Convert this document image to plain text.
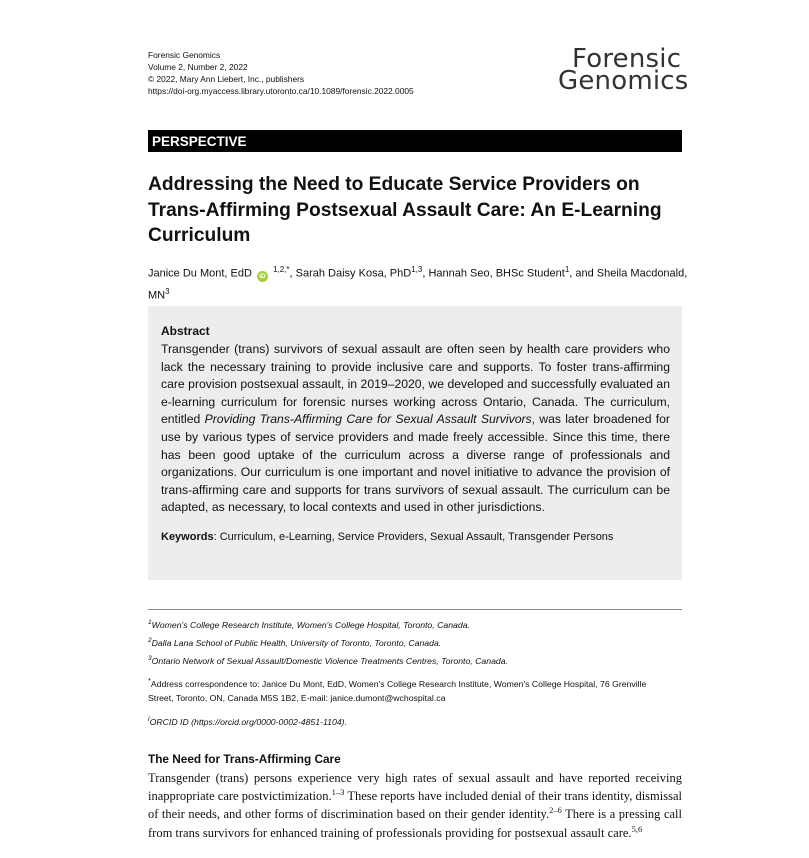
Forensic Genomics
Volume 2, Number 2, 2022
© 2022, Mary Ann Liebert, Inc., publishers
https://doi-org.myaccess.library.utoronto.ca/10.1089/forensic.2022.0005
Forensic
Genomics
PERSPECTIVE
Addressing the Need to Educate Service Providers on Trans-Affirming Postsexual Assault Care: An E-Learning Curriculum
Janice Du Mont, EdD iD $^{1,2,*}$, Sarah Daisy Kosa, PhD$^{1,3}$, Hannah Seo, BHSc Student$^1$, and Sheila Macdonald, $MN^3$
Abstract
Transgender (trans) survivors of sexual assault are often seen by health care providers who lack the necessary training to provide inclusive care and supports. To foster trans-affirming care provision postsexual assault, in 2019–2020, we developed and successfully evaluated an e-learning curriculum for forensic nurses working across Ontario, Canada. The curriculum, entitled Providing Trans-Affirming Care for Sexual Assault Survivors, was later broadened for use by various types of service providers and made freely accessible. Since this time, there has been good uptake of the curriculum across a diverse range of professionals and organizations. Our curriculum is one important and novel initiative to advance the provision of trans-affirming care and supports for trans survivors of sexual assault. The curriculum can be adapted, as necessary, to local contexts and used in other jurisdictions.
Keywords: Curriculum, e-Learning, Service Providers, Sexual Assault, Transgender Persons
$^1$Women's College Research Institute, Women's College Hospital, Toronto, Canada.
$^2$Dalla Lana School of Public Health, University of Toronto, Toronto, Canada.
$^3$Ontario Network of Sexual Assault/Domestic Violence Treatments Centres, Toronto, Canada.
*Address correspondence to: Janice Du Mont, EdD, Women's College Research Institute, Women's College Hospital, 76 Grenville Street, Toronto, ON, Canada M5S 1B2, E-mail: janice.dumont@wchospital.ca
$^i$ORCID ID (https://orcid.org/0000-0002-4851-1104).
The Need for Trans-Affirming Care
Transgender (trans) persons experience very high rates of sexual assault and have reported receiving inappropriate care postvictimization.$^{1-3}$ These reports have included denial of their trans identity, dismissal of their needs, and other forms of discrimination based on their gender identity.$^{2-6}$ There is a pressing call from trans survivors for enhanced training of professionals providing for postsexual assault care.$^{5,6}$
